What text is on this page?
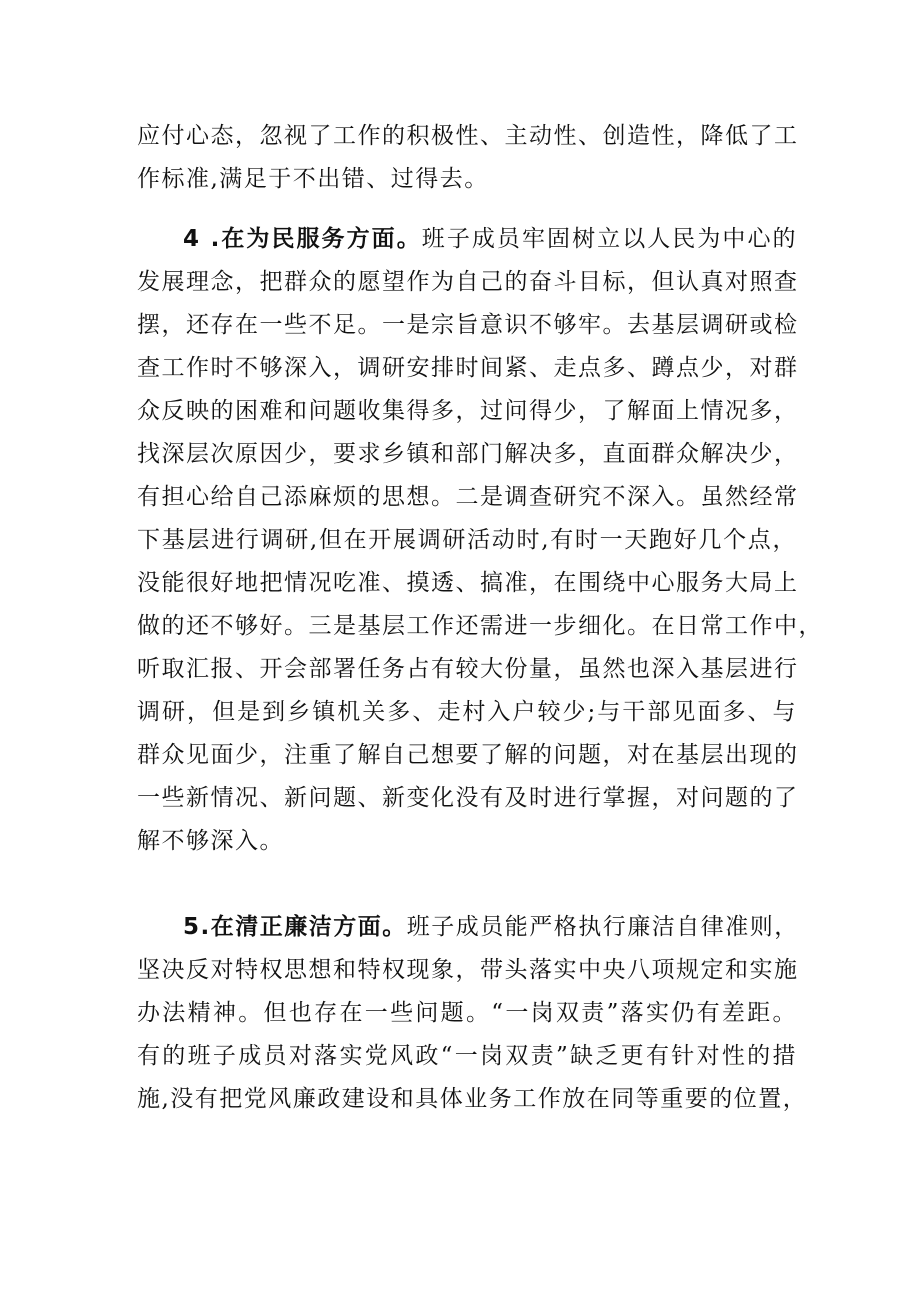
应付心态，忽视了工作的积极性、主动性、创造性，降低了工
作标准,满足于不出错、过得去。
4 .在为民服务方面。班子成员牢固树立以人民为中心的
发展理念，把群众的愿望作为自己的奋斗目标，但认真对照查
摆，还存在一些不足。一是宗旨意识不够牢。去基层调研或检
查工作时不够深入，调研安排时间紧、走点多、蹲点少，对群
众反映的困难和问题收集得多，过问得少，了解面上情况多，
找深层次原因少，要求乡镇和部门解决多，直面群众解决少，
有担心给自己添麻烦的思想。二是调查研究不深入。虽然经常
下基层进行调研,但在开展调研活动时,有时一天跑好几个点，
没能很好地把情况吃准、摸透、搞准，在围绕中心服务大局上
做的还不够好。三是基层工作还需进一步细化。在日常工作中，
听取汇报、开会部署任务占有较大份量，虽然也深入基层进行
调研，但是到乡镇机关多、走村入户较少;与干部见面多、与
群众见面少，注重了解自己想要了解的问题，对在基层出现的
一些新情况、新问题、新变化没有及时进行掌握，对问题的了
解不够深入。
5.在清正廉洁方面。班子成员能严格执行廉洁自律准则，
坚决反对特权思想和特权现象，带头落实中央八项规定和实施
办法精神。但也存在一些问题。“一岗双责”落实仍有差距。
有的班子成员对落实党风政“一岗双责”缺乏更有针对性的措
施,没有把党风廉政建设和具体业务工作放在同等重要的位置，
